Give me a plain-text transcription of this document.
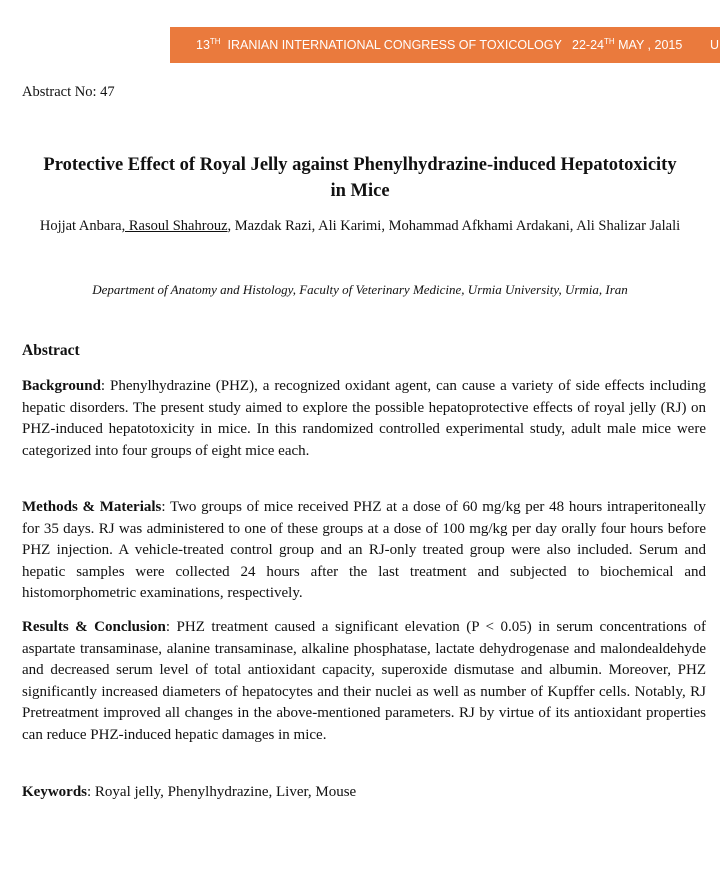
13TH IRANIAN INTERNATIONAL CONGRESS OF TOXICOLOGY 22-24TH MAY , 2015 U
Abstract No: 47
Protective Effect of Royal Jelly against Phenylhydrazine-induced Hepatotoxicity in Mice
Hojjat Anbara, Rasoul Shahrouz, Mazdak Razi, Ali Karimi, Mohammad Afkhami Ardakani, Ali Shalizar Jalali
Department of Anatomy and Histology, Faculty of Veterinary Medicine, Urmia University, Urmia, Iran
Abstract
Background: Phenylhydrazine (PHZ), a recognized oxidant agent, can cause a variety of side effects including hepatic disorders. The present study aimed to explore the possible hepatoprotective effects of royal jelly (RJ) on PHZ-induced hepatotoxicity in mice. In this randomized controlled experimental study, adult male mice were categorized into four groups of eight mice each.
Methods & Materials: Two groups of mice received PHZ at a dose of 60 mg/kg per 48 hours intraperitoneally for 35 days. RJ was administered to one of these groups at a dose of 100 mg/kg per day orally four hours before PHZ injection. A vehicle-treated control group and an RJ-only treated group were also included. Serum and hepatic samples were collected 24 hours after the last treatment and subjected to biochemical and histomorphometric examinations, respectively.
Results & Conclusion: PHZ treatment caused a significant elevation (P < 0.05) in serum concentrations of aspartate transaminase, alanine transaminase, alkaline phosphatase, lactate dehydrogenase and malondealdehyde and decreased serum level of total antioxidant capacity, superoxide dismutase and albumin. Moreover, PHZ significantly increased diameters of hepatocytes and their nuclei as well as number of Kupffer cells. Notably, RJ Pretreatment improved all changes in the above-mentioned parameters. RJ by virtue of its antioxidant properties can reduce PHZ-induced hepatic damages in mice.
Keywords: Royal jelly, Phenylhydrazine, Liver, Mouse
